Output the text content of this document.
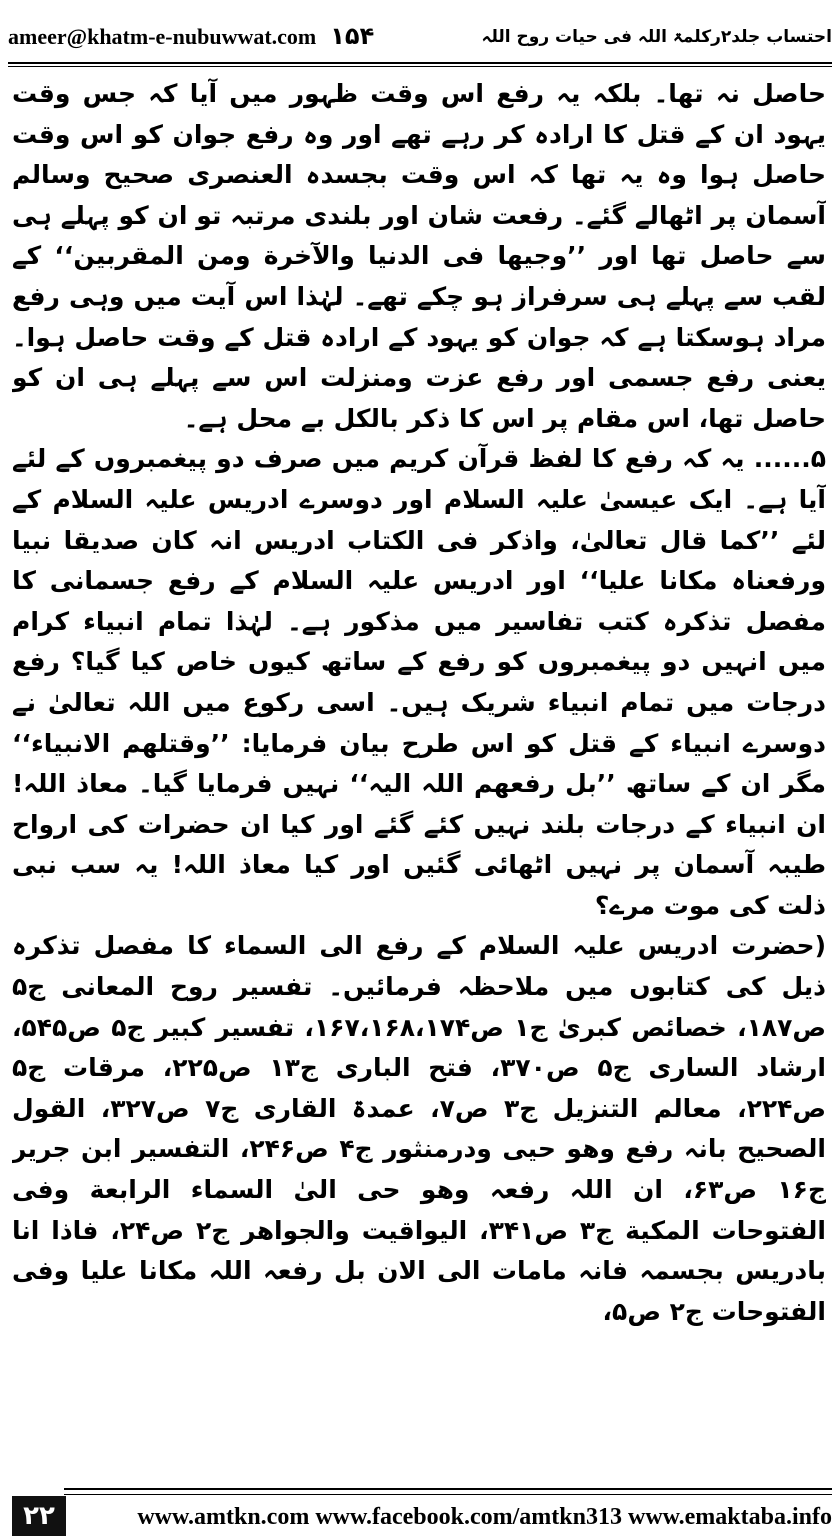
ameer@khatm-e-nubuwwat.com ۱۵۴	احتساب جلد۲رکلمۃ اللہ فی حیات روح اللہ

حاصل نہ تھا۔ بلکہ یہ رفع اس وقت ظہور میں آیا کہ جس وقت یہود ان کے قتل کا ارادہ کر رہے تھے اور وہ رفع جوان کو اس وقت حاصل ہوا وہ یہ تھا کہ اس وقت بجسدہ العنصری صحیح وسالم آسمان پر اٹھالے گئے۔ رفعت شان اور بلندی مرتبہ تو ان کو پہلے ہی سے حاصل تھا اور ’’وجیھا فی الدنیا والآخرة ومن المقربین‘‘ کے لقب سے پہلے ہی سرفراز ہو چکے تھے۔ لہٰذا اس آیت میں وہی رفع مراد ہوسکتا ہے کہ جوان کو یہود کے ارادہ قتل کے وقت حاصل ہوا۔ یعنی رفع جسمی اور رفع عزت ومنزلت اس سے پہلے ہی ان کو حاصل تھا، اس مقام پر اس کا ذکر بالکل بے محل ہے۔

۵...... یہ کہ رفع کا لفظ قرآن کریم میں صرف دو پیغمبروں کے لئے آیا ہے۔ ایک عیسیٰ علیہ السلام اور دوسرے ادریس علیہ السلام کے لئے ’’کما قال تعالیٰ، واذکر فی الکتاب ادریس انہ کان صدیقا نبیا ورفعناہ مکانا علیا‘‘ اور ادریس علیہ السلام کے رفع جسمانی کا مفصل تذکرہ کتب تفاسیر میں مذکور ہے۔ لہٰذا تمام انبیاء کرام میں انہیں دو پیغمبروں کو رفع کے ساتھ کیوں خاص کیا گیا؟ رفع درجات میں تمام انبیاء شریک ہیں۔ اسی رکوع میں اللہ تعالیٰ نے دوسرے انبیاء کے قتل کو اس طرح بیان فرمایا: ’’وقتلھم الانبیاء‘‘ مگر ان کے ساتھ ’’بل رفعھم اللہ الیہ‘‘ نہیں فرمایا گیا۔ معاذ اللہ! ان انبیاء کے درجات بلند نہیں کئے گئے اور کیا ان حضرات کی ارواح طیبہ آسمان پر نہیں اٹھائی گئیں اور کیا معاذ اللہ! یہ سب نبی ذلت کی موت مرے؟

(حضرت ادریس علیہ السلام کے رفع الی السماء کا مفصل تذکرہ ذیل کی کتابوں میں ملاحظہ فرمائیں۔ تفسیر روح المعانی ج۵ ص۱۸۷، خصائص کبریٰ ج۱ ص۱۶۷،۱۶۸،۱۷۴، تفسیر کبیر ج۵ ص۵۴۵، ارشاد الساری ج۵ ص۳۷۰، فتح الباری ج۱۳ ص۲۲۵، مرقات ج۵ ص۲۲۴، معالم التنزیل ج۳ ص۷، عمدۃ القاری ج۷ ص۳۲۷، القول الصحیح بانہ رفع وھو حیی ودرمنثور ج۴ ص۲۴۶، التفسیر ابن جریر ج۱۶ ص۶۳، ان اللہ رفعہ وھو حی الیٰ السماء الرابعة وفی الفتوحات المکیة ج۳ ص۳۴۱، الیواقیت والجواھر ج۲ ص۲۴، فاذا انا بادریس بجسمہ فانہ مامات الی الان بل رفعہ اللہ مکانا علیا وفی الفتوحات ج۲ ص۵،

۲۲	www.amtkn.com www.facebook.com/amtkn313 www.emaktaba.info
